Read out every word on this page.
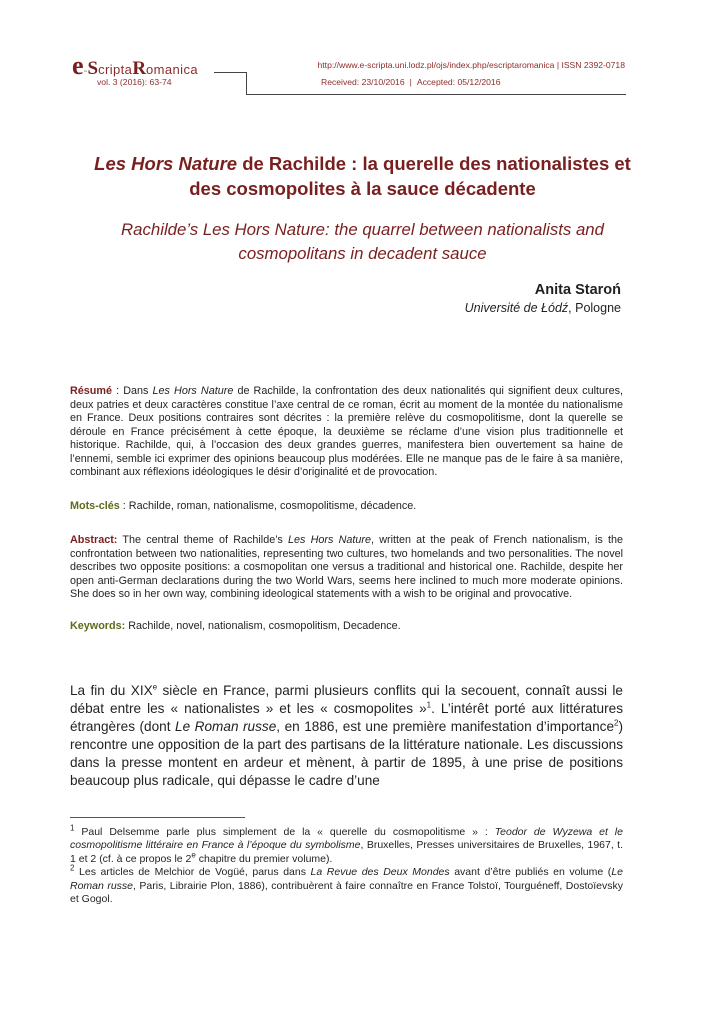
e-ScriptaRomanica
vol. 3 (2016): 63-74
http://www.e-scripta.uni.lodz.pl/ojs/index.php/escriptaromanica | ISSN 2392-0718
Received: 23/10/2016 | Accepted: 05/12/2016
Les Hors Nature de Rachilde : la querelle des nationalistes et
des cosmopolites à la sauce décadente
Rachilde’s Les Hors Nature: the quarrel between nationalists and
cosmopolitans in decadent sauce
Anita Staroń
Université de Łódź, Pologne
Résumé : Dans Les Hors Nature de Rachilde, la confrontation des deux nationalités qui signifient deux cultures, deux patries et deux caractères constitue l’axe central de ce roman, écrit au moment de la montée du nationalisme en France. Deux positions contraires sont décrites : la première relève du cosmopolitisme, dont la querelle se déroule en France précisément à cette époque, la deuxième se réclame d’une vision plus traditionnelle et historique. Rachilde, qui, à l’occasion des deux grandes guerres, manifestera bien ouvertement sa haine de l’ennemi, semble ici exprimer des opinions beaucoup plus modérées. Elle ne manque pas de le faire à sa manière, combinant aux réflexions idéologiques le désir d’originalité et de provocation.
Mots-clés : Rachilde, roman, nationalisme, cosmopolitisme, décadence.
Abstract: The central theme of Rachilde’s Les Hors Nature, written at the peak of French nationalism, is the confrontation between two nationalities, representing two cultures, two homelands and two personalities. The novel describes two opposite positions: a cosmopolitan one versus a traditional and historical one. Rachilde, despite her open anti-German declarations during the two World Wars, seems here inclined to much more moderate opinions. She does so in her own way, combining ideological statements with a wish to be original and provocative.
Keywords: Rachilde, novel, nationalism, cosmopolitism, Decadence.
La fin du XIXe siècle en France, parmi plusieurs conflits qui la secouent, connaît aussi le débat entre les « nationalistes » et les « cosmopolites »$^1$. L’intérêt porté aux littératures étrangères (dont Le Roman russe, en 1886, est une première manifestation d’importance$^2$) rencontre une opposition de la part des partisans de la littérature nationale. Les discussions dans la presse montent en ardeur et mènent, à partir de 1895, à une prise de positions beaucoup plus radicale, qui dépasse le cadre d’une

$^1$ Paul Delsemme parle plus simplement de la « querelle du cosmopolitisme » : Teodor de Wyzewa et le cosmopolitisme littéraire en France à l’époque du symbolisme, Bruxelles, Presses universitaires de Bruxelles, 1967, t. 1 et 2 (cf. à ce propos le 2e chapitre du premier volume).

$^2$ Les articles de Melchior de Vogüé, parus dans La Revue des Deux Mondes avant d’être publiés en volume (Le Roman russe, Paris, Librairie Plon, 1886), contribuèrent à faire connaître en France Tolstoï, Tourguéneff, Dostoïevsky et Gogol.
